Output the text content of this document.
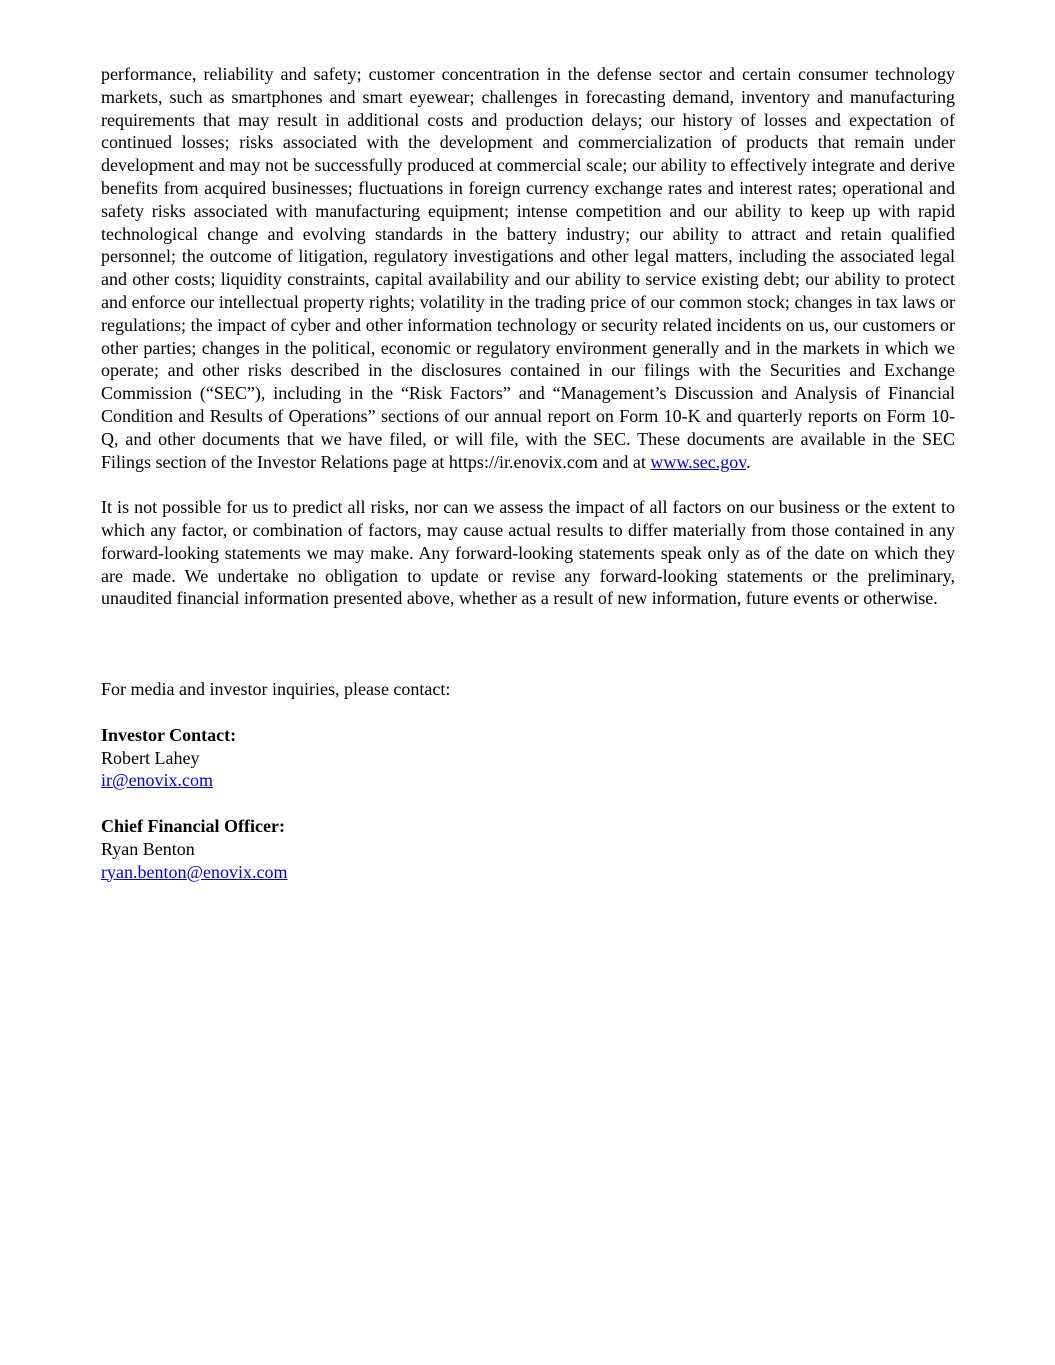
performance, reliability and safety; customer concentration in the defense sector and certain consumer technology markets, such as smartphones and smart eyewear; challenges in forecasting demand, inventory and manufacturing requirements that may result in additional costs and production delays; our history of losses and expectation of continued losses; risks associated with the development and commercialization of products that remain under development and may not be successfully produced at commercial scale; our ability to effectively integrate and derive benefits from acquired businesses; fluctuations in foreign currency exchange rates and interest rates; operational and safety risks associated with manufacturing equipment; intense competition and our ability to keep up with rapid technological change and evolving standards in the battery industry; our ability to attract and retain qualified personnel; the outcome of litigation, regulatory investigations and other legal matters, including the associated legal and other costs; liquidity constraints, capital availability and our ability to service existing debt; our ability to protect and enforce our intellectual property rights; volatility in the trading price of our common stock; changes in tax laws or regulations; the impact of cyber and other information technology or security related incidents on us, our customers or other parties; changes in the political, economic or regulatory environment generally and in the markets in which we operate; and other risks described in the disclosures contained in our filings with the Securities and Exchange Commission (“SEC”), including in the “Risk Factors” and “Management’s Discussion and Analysis of Financial Condition and Results of Operations” sections of our annual report on Form 10-K and quarterly reports on Form 10-Q, and other documents that we have filed, or will file, with the SEC. These documents are available in the SEC Filings section of the Investor Relations page at https://ir.enovix.com and at www.sec.gov.

It is not possible for us to predict all risks, nor can we assess the impact of all factors on our business or the extent to which any factor, or combination of factors, may cause actual results to differ materially from those contained in any forward-looking statements we may make. Any forward-looking statements speak only as of the date on which they are made. We undertake no obligation to update or revise any forward-looking statements or the preliminary, unaudited financial information presented above, whether as a result of new information, future events or otherwise.

For media and investor inquiries, please contact:
Investor Contact:
Robert Lahey
ir@enovix.com
Chief Financial Officer:
Ryan Benton
ryan.benton@enovix.com
